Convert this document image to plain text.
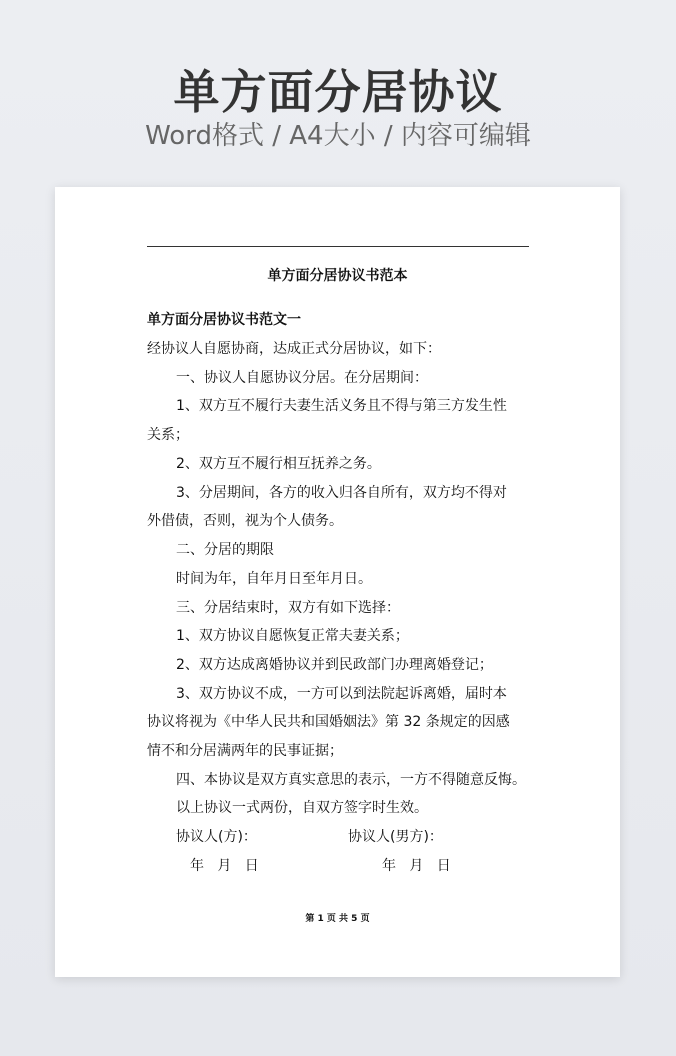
单方面分居协议
Word格式 / A4大小 / 内容可编辑
单方面分居协议书范本
单方面分居协议书范文一
经协议人自愿协商，达成正式分居协议，如下：
一、协议人自愿协议分居。在分居期间：
1、双方互不履行夫妻生活义务且不得与第三方发生性
关系；
2、双方互不履行相互抚养之务。
3、分居期间，各方的收入归各自所有，双方均不得对
外借债，否则，视为个人债务。
二、分居的期限
时间为年，自年月日至年月日。
三、分居结束时，双方有如下选择：
1、双方协议自愿恢复正常夫妻关系；
2、双方达成离婚协议并到民政部门办理离婚登记；
3、双方协议不成，一方可以到法院起诉离婚，届时本
协议将视为《中华人民共和国婚姻法》第 32 条规定的因感
情不和分居满两年的民事证据；
四、本协议是双方真实意思的表示，一方不得随意反悔。
以上协议一式两份，自双方签字时生效。
协议人(方)：	协议人(男方)：
年   月   日	年   月   日
第 1 页 共 5 页
